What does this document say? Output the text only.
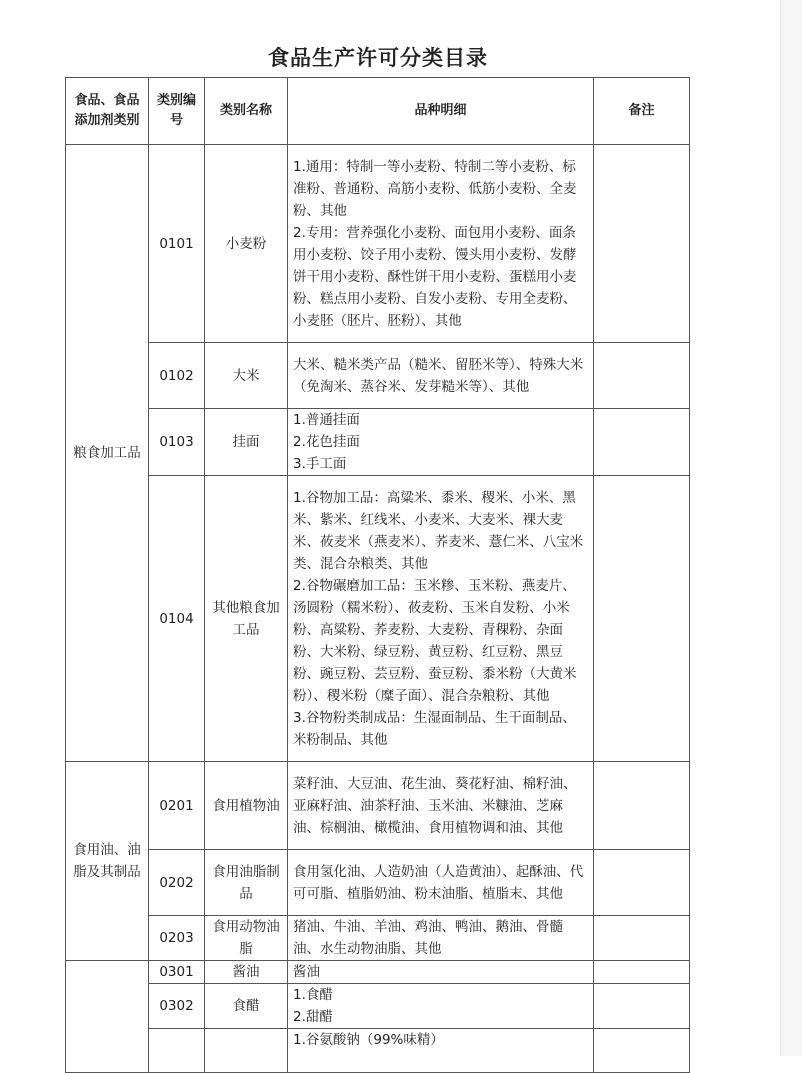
食品生产许可分类目录
食品、食品添加剂类别	类别编号	类别名称	品种明细	备注
粮食加工品	0101	小麦粉	1.通用：特制一等小麦粉、特制二等小麦粉、标准粉、普通粉、高筋小麦粉、低筋小麦粉、全麦粉、其他
2.专用：营养强化小麦粉、面包用小麦粉、面条用小麦粉、饺子用小麦粉、馒头用小麦粉、发酵饼干用小麦粉、酥性饼干用小麦粉、蛋糕用小麦粉、糕点用小麦粉、自发小麦粉、专用全麦粉、小麦胚（胚片、胚粉）、其他	

	0102	大米	大米、糙米类产品（糙米、留胚米等）、特殊大米（免淘米、蒸谷米、发芽糙米等）、其他	

	0103	挂面	1.普通挂面
2.花色挂面
3.手工面	

	0104	其他粮食加工品	1.谷物加工品：高粱米、黍米、稷米、小米、黑米、紫米、红线米、小麦米、大麦米、裸大麦米、莜麦米（燕麦米）、荞麦米、薏仁米、八宝米类、混合杂粮类、其他
2.谷物碾磨加工品：玉米糁、玉米粉、燕麦片、汤圆粉（糯米粉）、莜麦粉、玉米自发粉、小米粉、高粱粉、荞麦粉、大麦粉、青稞粉、杂面粉、大米粉、绿豆粉、黄豆粉、红豆粉、黑豆粉、豌豆粉、芸豆粉、蚕豆粉、黍米粉（大黄米粉）、稷米粉（糜子面）、混合杂粮粉、其他
3.谷物粉类制成品：生湿面制品、生干面制品、米粉制品、其他	

食用油、油脂及其制品	0201	食用植物油	菜籽油、大豆油、花生油、葵花籽油、棉籽油、亚麻籽油、油茶籽油、玉米油、米糠油、芝麻油、棕榈油、橄榄油、食用植物调和油、其他	

	0202	食用油脂制品	食用氢化油、人造奶油（人造黄油）、起酥油、代可可脂、植脂奶油、粉末油脂、植脂末、其他	

	0203	食用动物油脂	猪油、牛油、羊油、鸡油、鸭油、鹅油、骨髓油、水生动物油脂、其他	

	0301	酱油	酱油	

	0302	食醋	1.食醋
2.甜醋	

			1.谷氨酸钠（99%味精）	
